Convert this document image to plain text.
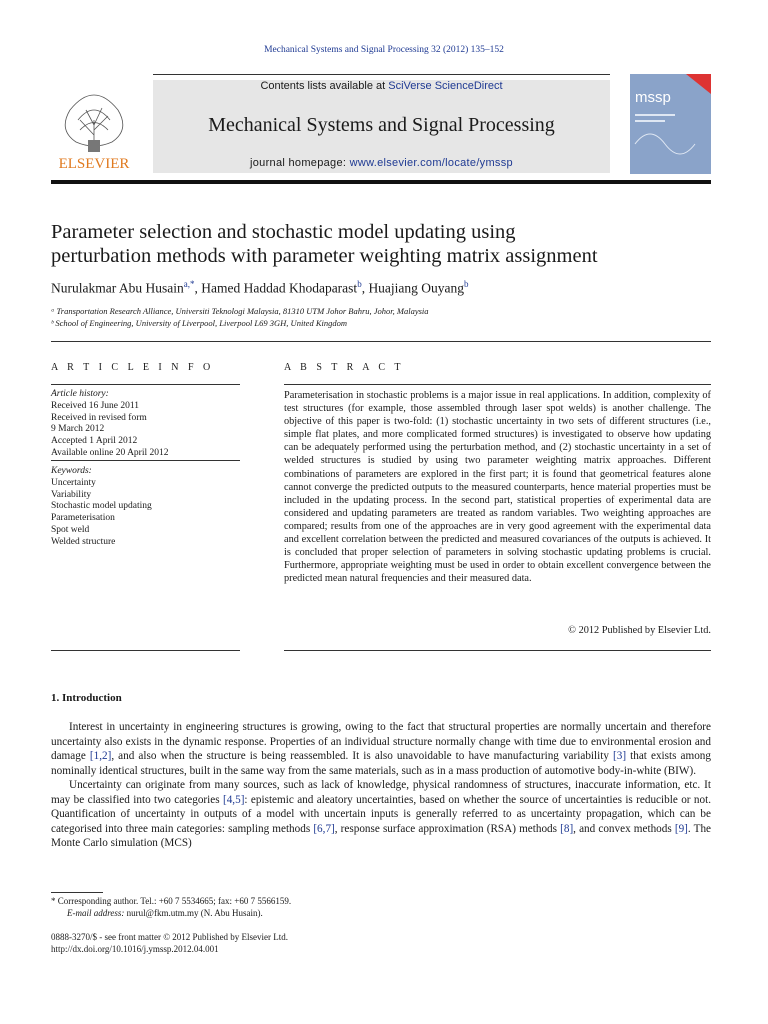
Mechanical Systems and Signal Processing 32 (2012) 135–152
ELSEVIER
Contents lists available at SciVerse ScienceDirect
Mechanical Systems and Signal Processing
journal homepage: www.elsevier.com/locate/ymssp
mssp
Parameter selection and stochastic model updating using
perturbation methods with parameter weighting matrix assignment
Nurulakmar Abu Husain$^{a,*}$, Hamed Haddad Khodaparast$^b$, Huajiang Ouyang$^b$
ᵃ Transportation Research Alliance, Universiti Teknologi Malaysia, 81310 UTM Johor Bahru, Johor, Malaysia
ᵇ School of Engineering, University of Liverpool, Liverpool L69 3GH, United Kingdom
A R T I C L E I N F O	A B S T R A C T
Article history:
Received 16 June 2011
Received in revised form
9 March 2012
Accepted 1 April 2012
Available online 20 April 2012
Keywords:
Uncertainty
Variability
Stochastic model updating
Parameterisation
Spot weld
Welded structure
Parameterisation in stochastic problems is a major issue in real applications. In addition, complexity of test structures (for example, those assembled through laser spot welds) is another challenge. The objective of this paper is two-fold: (1) stochastic uncertainty in two sets of different structures (i.e., simple flat plates, and more complicated formed structures) is investigated to observe how updating can be adequately performed using the perturbation method, and (2) stochastic uncertainty in a set of welded structures is studied by using two parameter weighting matrix approaches. Different combinations of parameters are explored in the first part; it is found that geometrical features alone cannot converge the predicted outputs to the measured counterparts, hence material properties must be included in the updating process. In the second part, statistical properties of experimental data are considered and updating parameters are treated as random variables. Two weighting approaches are compared; results from one of the approaches are in very good agreement with the experimental data and excellent correlation between the predicted and measured covariances of the outputs is achieved. It is concluded that proper selection of parameters in solving stochastic updating problems is crucial. Furthermore, appropriate weighting must be used in order to obtain excellent convergence between the predicted mean natural frequencies and their measured data.
© 2012 Published by Elsevier Ltd.
1. Introduction

Interest in uncertainty in engineering structures is growing, owing to the fact that structural properties are normally uncertain and therefore uncertainty also exists in the dynamic response. Properties of an individual structure normally change with time due to environmental erosion and damage [1,2], and also when the structure is being reassembled. It is also unavoidable to have manufacturing variability [3] that exists among nominally identical structures, built in the same way from the same materials, such as in a mass production of automotive body-in-white (BIW).

Uncertainty can originate from many sources, such as lack of knowledge, physical randomness of structures, inaccurate information, etc. It may be classified into two categories [4,5]: epistemic and aleatory uncertainties, based on whether the source of uncertainties is reducible or not. Quantification of uncertainty in outputs of a model with uncertain inputs is generally referred to as uncertainty propagation, which can be categorised into three main categories: sampling methods [6,7], response surface approximation (RSA) methods [8], and convex methods [9]. The Monte Carlo simulation (MCS)

* Corresponding author. Tel.: +60 7 5534665; fax: +60 7 5566159.
E-mail address: nurul@fkm.utm.my (N. Abu Husain).
0888-3270/$ - see front matter © 2012 Published by Elsevier Ltd.
http://dx.doi.org/10.1016/j.ymssp.2012.04.001
